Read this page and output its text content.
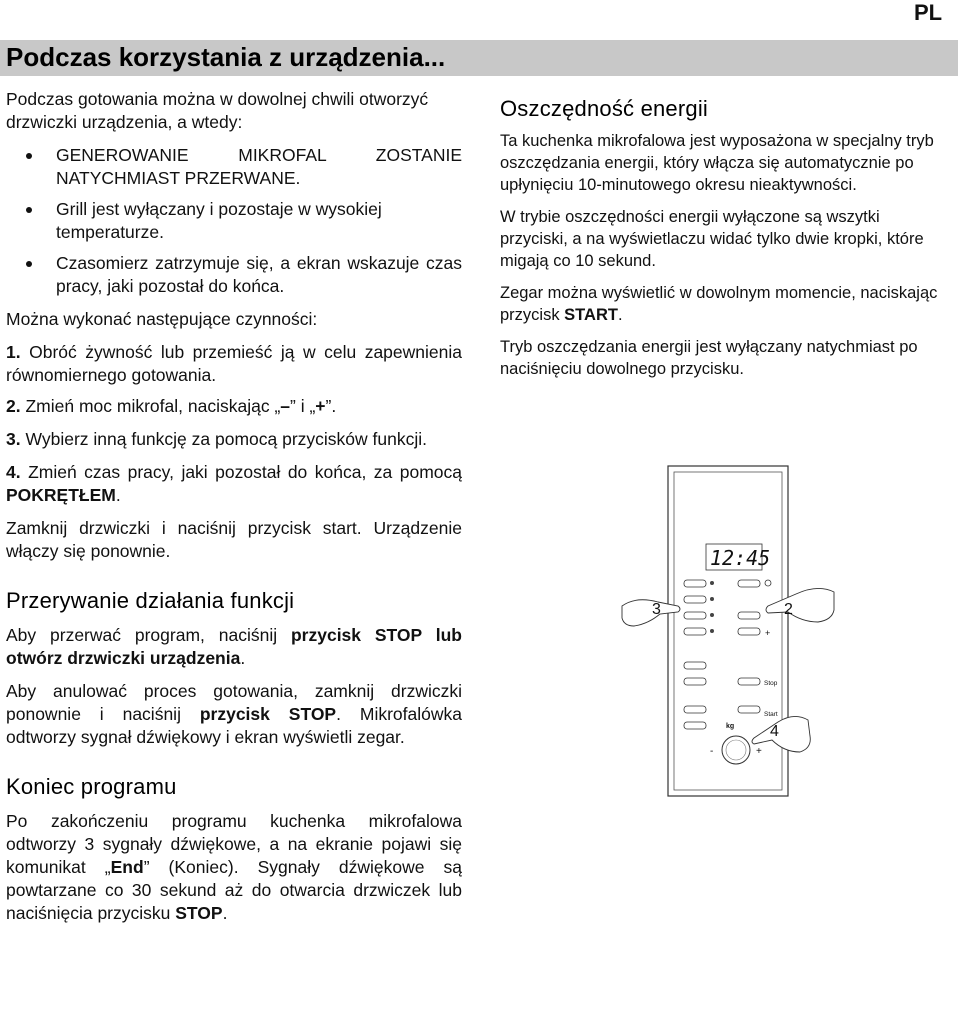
PL
Podczas korzystania z urządzenia...

Podczas gotowania można w dowolnej chwili otworzyć drzwiczki urządzenia, a wtedy:

GENEROWANIE MIKROFAL ZOSTANIE NATYCHMIAST PRZERWANE.
Grill jest wyłączany i pozostaje w wysokiej temperaturze.
Czasomierz zatrzymuje się, a ekran wskazuje czas pracy, jaki pozostał do końca.

Można wykonać następujące czynności:

1. Obróć żywność lub przemieść ją w celu zapewnienia równomiernego gotowania.

2. Zmień moc mikrofal, naciskając „–” i „+”.

3. Wybierz inną funkcję za pomocą przycisków funkcji.

4. Zmień czas pracy, jaki pozostał do końca, za pomocą POKRĘTŁEM.

Zamknij drzwiczki i naciśnij przycisk start. Urządzenie włączy się ponownie.

Przerywanie działania funkcji

Aby przerwać program, naciśnij przycisk STOP lub otwórz drzwiczki urządzenia.

Aby anulować proces gotowania, zamknij drzwiczki ponownie i naciśnij przycisk STOP. Mikrofalówka odtworzy sygnał dźwiękowy i ekran wyświetli zegar.

Koniec programu

Po zakończeniu programu kuchenka mikrofalowa odtworzy 3 sygnały dźwiękowe, a na ekranie pojawi się komunikat „End” (Koniec). Sygnały dźwiękowe są powtarzane co 30 sekund aż do otwarcia drzwiczek lub naciśnięcia przycisku STOP.

Oszczędność energii

Ta kuchenka mikrofalowa jest wyposażona w specjalny tryb oszczędzania energii, który włącza się automatycznie po upłynięciu 10-minutowego okresu nieaktywności.

W trybie oszczędności energii wyłączone są wszytki przyciski, a na wyświetlaczu widać tylko dwie kropki, które migają co 10 sekund.

Zegar można wyświetlić w dowolnym momencie, naciskając przycisk START.

Tryb oszczędzania energii jest wyłączany natychmiast po naciśnięciu dowolnego przycisku.

12:45
+
Stop
Start
kg
-	+
3	2
4
